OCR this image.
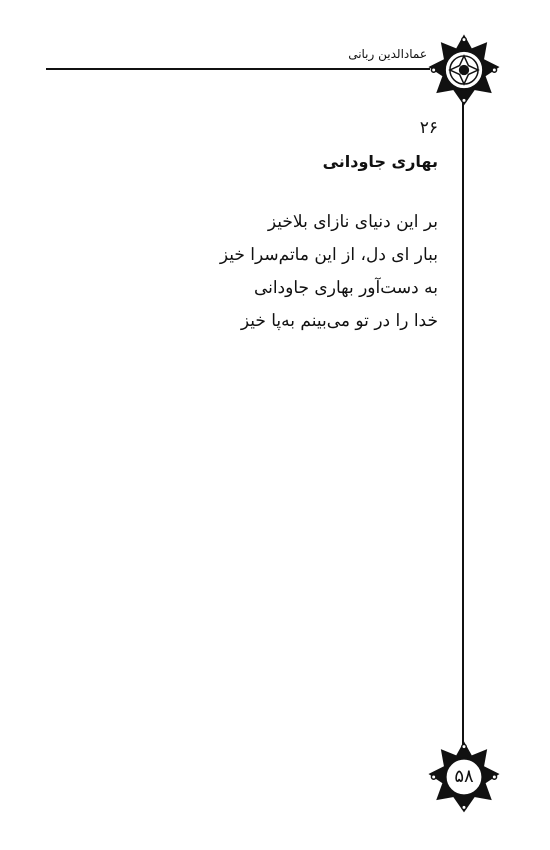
عمادالدین ربانی
۵۸
۲۶
بهاری جاودانی
بر این دنیای نازای بلاخیز
ببار ای دل، از این ماتم‌سرا خیز
به دست‌آور بهاری جاودانی
خدا را در تو می‌بینم به‌پا خیز
